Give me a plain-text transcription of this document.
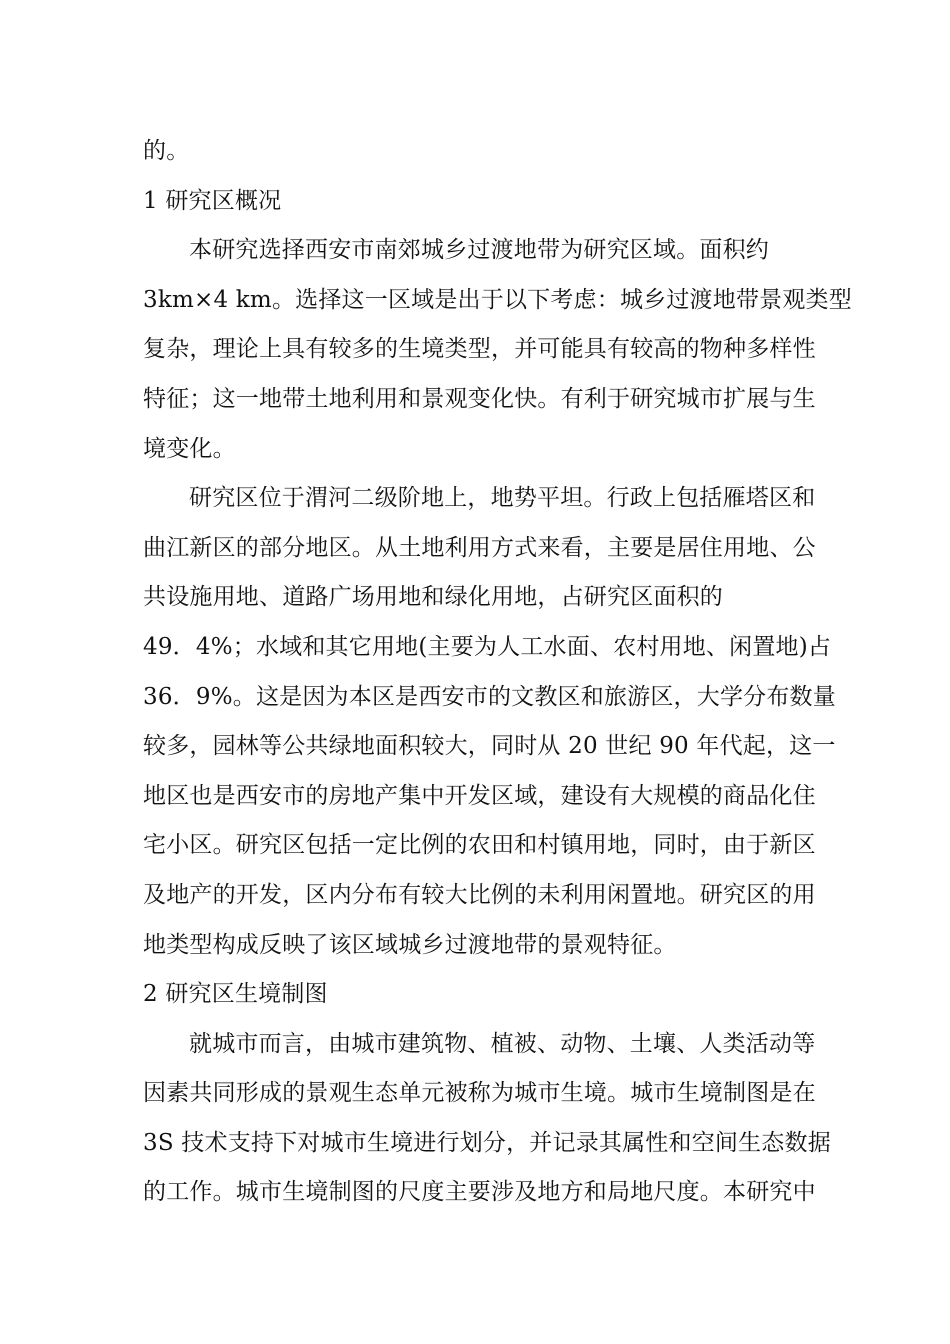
的。
1 研究区概况
本研究选择西安市南郊城乡过渡地带为研究区域。面积约
3km×4 km。选择这一区域是出于以下考虑：城乡过渡地带景观类型
复杂，理论上具有较多的生境类型，并可能具有较高的物种多样性
特征；这一地带土地利用和景观变化快。有利于研究城市扩展与生
境变化。
研究区位于渭河二级阶地上，地势平坦。行政上包括雁塔区和
曲江新区的部分地区。从土地利用方式来看，主要是居住用地、公
共设施用地、道路广场用地和绿化用地，占研究区面积的
49．4%；水域和其它用地(主要为人工水面、农村用地、闲置地)占
36．9%。这是因为本区是西安市的文教区和旅游区，大学分布数量
较多，园林等公共绿地面积较大，同时从 20 世纪 90 年代起，这一
地区也是西安市的房地产集中开发区域，建设有大规模的商品化住
宅小区。研究区包括一定比例的农田和村镇用地，同时，由于新区
及地产的开发，区内分布有较大比例的未利用闲置地。研究区的用
地类型构成反映了该区域城乡过渡地带的景观特征。
2 研究区生境制图
就城市而言，由城市建筑物、植被、动物、土壤、人类活动等
因素共同形成的景观生态单元被称为城市生境。城市生境制图是在
3S 技术支持下对城市生境进行划分，并记录其属性和空间生态数据
的工作。城市生境制图的尺度主要涉及地方和局地尺度。本研究中
